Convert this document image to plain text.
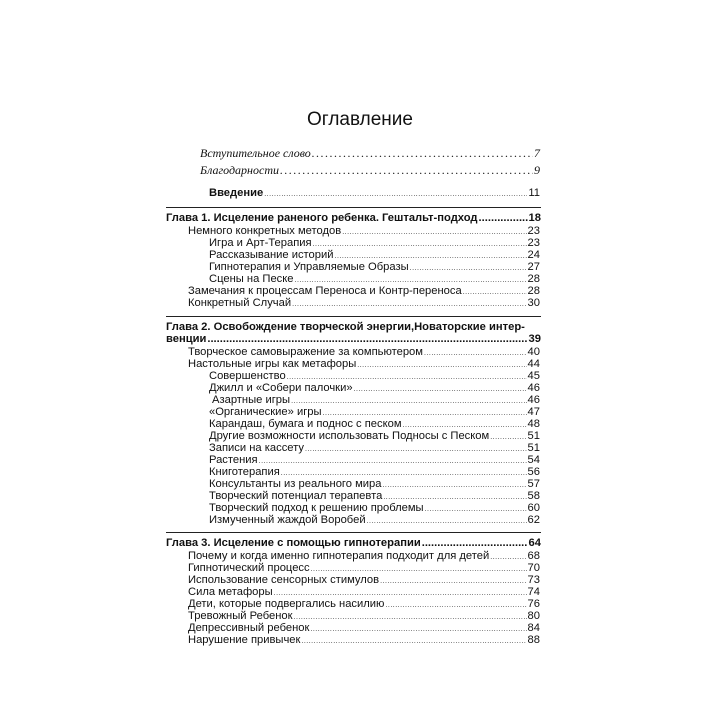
Оглавление
Вступительное слово .....	7
Благодарности .....	9
Введение .....	11
Глава 1. Исцеление раненого ребенка. Гештальт-подход .....	18
Немного конкретных методов .....	23
Игра и Арт-Терапия .....	23
Рассказывание историй .....	24
Гипнотерапия и Управляемые Образы .....	27
Сцены на Песке .....	28
Замечания к процессам Переноса и Контр-переноса .....	28
Конкретный Случай .....	30
Глава 2. Освобождение творческой энергии,Новаторские интер-
венции .....	39
Творческое самовыражение за компьютером .....	40
Настольные игры как метафоры .....	44
Совершенство .....	45
Джилл и «Собери палочки» .....	46
Азартные игры .....	46
«Органические» игры .....	47
Карандаш, бумага и поднос с песком .....	48
Другие возможности использовать Подносы с Песком .....	51
Записи на кассету .....	51
Растения .....	54
Книготерапия .....	56
Консультанты из реального мира .....	57
Творческий потенциал терапевта .....	58
Творческий подход к решению проблемы .....	60
Измученный жаждой Воробей .....	62
Глава 3. Исцеление с помощью гипнотерапии .....	64
Почему и когда именно гипнотерапия подходит для детей .....	68
Гипнотический процесс .....	70
Использование сенсорных стимулов .....	73
Сила метафоры .....	74
Дети, которые подвергались насилию .....	76
Тревожный Ребенок .....	80
Депрессивный ребенок .....	84
Нарушение привычек .....	88
